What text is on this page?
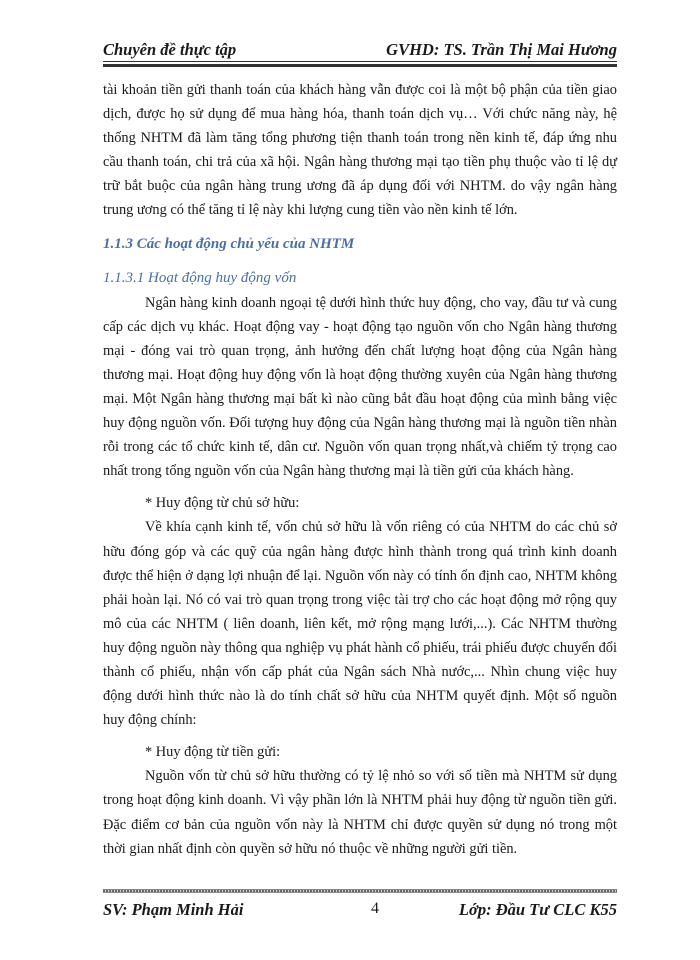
Chuyên đề thực tập	GVHD: TS. Trần Thị Mai Hương

tài khoản tiền gửi thanh toán của khách hàng vẫn được coi là một bộ phận của tiền giao dịch, được họ sử dụng để mua hàng hóa, thanh toán dịch vụ… Với chức năng này, hệ thống NHTM đã làm tăng tổng phương tiện thanh toán trong nền kinh tế, đáp ứng nhu cầu thanh toán, chi trả của xã hội. Ngân hàng thương mại tạo tiền phụ thuộc vào tỉ lệ dự trữ bắt buộc của ngân hàng trung ương đã áp dụng đối với NHTM. do vậy ngân hàng trung ương có thể tăng tỉ lệ này khi lượng cung tiền vào nền kinh tế lớn.

1.1.3 Các hoạt động chủ yếu của NHTM

1.1.3.1 Hoạt động huy động vốn

Ngân hàng kinh doanh ngoại tệ dưới hình thức huy động, cho vay, đầu tư và cung cấp các dịch vụ khác. Hoạt động vay - hoạt động tạo nguồn vốn cho Ngân hàng thương mại - đóng vai trò quan trọng, ảnh hưởng đến chất lượng hoạt động của Ngân hàng thương mại. Hoạt động huy động vốn là hoạt động thường xuyên của Ngân hàng thương mại. Một Ngân hàng thương mại bất kì nào cũng bắt đầu hoạt động của mình bằng việc huy động nguồn vốn. Đối tượng huy động của Ngân hàng thương mại là nguồn tiền nhàn rỗi trong các tổ chức kinh tế, dân cư. Nguồn vốn quan trọng nhất,và chiếm tỷ trọng cao nhất trong tổng nguồn vốn của Ngân hàng thương mại là tiền gửi của khách hàng.

* Huy động từ chủ sở hữu:

Về khía cạnh kinh tế, vốn chủ sở hữu là vốn riêng có của NHTM do các chủ sở hữu đóng góp và các quỹ của ngân hàng được hình thành trong quá trình kinh doanh được thể hiện ở dạng lợi nhuận để lại. Nguồn vốn này có tính ổn định cao, NHTM không phải hoàn lại. Nó có vai trò quan trọng trong việc tài trợ cho các hoạt động mở rộng quy mô của các NHTM ( liên doanh, liên kết, mở rộng mạng lưới,...). Các NHTM thường huy động nguồn này thông qua nghiệp vụ phát hành cổ phiếu, trái phiếu được chuyển đổi thành cổ phiếu, nhận vốn cấp phát của Ngân sách Nhà nước,... Nhìn chung việc huy động dưới hình thức nào là do tính chất sở hữu của NHTM quyết định. Một số nguồn huy động chính:

* Huy động từ tiền gửi:

Nguồn vốn từ chủ sở hữu thường có tỷ lệ nhỏ so với số tiền mà NHTM sử dụng trong hoạt động kinh doanh. Vì vậy phần lớn là NHTM phải huy động từ nguồn tiền gửi. Đặc điểm cơ bản của nguồn vốn này là NHTM chỉ được quyền sử dụng nó trong một thời gian nhất định còn quyền sở hữu nó thuộc về những người gửi tiền.

SV: Phạm Minh Hải	4	Lớp: Đầu Tư CLC K55
